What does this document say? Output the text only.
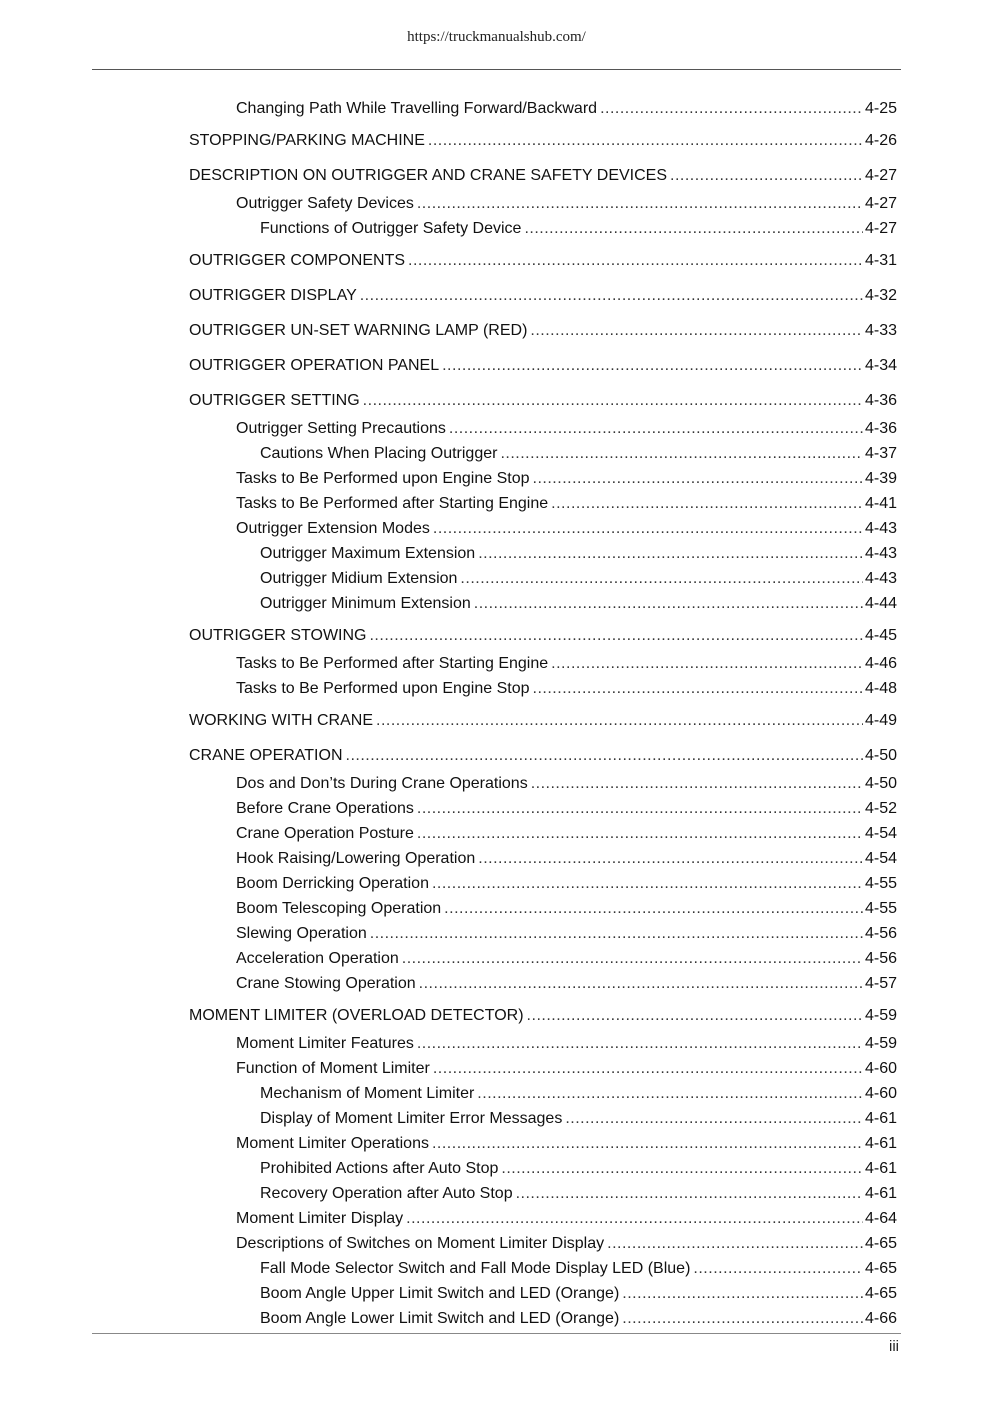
https://truckmanualshub.com/
Changing Path While Travelling Forward/Backward .....	4-25
STOPPING/PARKING MACHINE .....	4-26
DESCRIPTION ON OUTRIGGER AND CRANE SAFETY DEVICES .....	4-27
Outrigger Safety Devices .....	4-27
Functions of Outrigger Safety Device .....	4-27
OUTRIGGER COMPONENTS .....	4-31
OUTRIGGER DISPLAY .....	4-32
OUTRIGGER UN-SET WARNING LAMP (RED) .....	4-33
OUTRIGGER OPERATION PANEL .....	4-34
OUTRIGGER SETTING .....	4-36
Outrigger Setting Precautions .....	4-36
Cautions When Placing Outrigger .....	4-37
Tasks to Be Performed upon Engine Stop .....	4-39
Tasks to Be Performed after Starting Engine .....	4-41
Outrigger Extension Modes .....	4-43
Outrigger Maximum Extension .....	4-43
Outrigger Midium Extension .....	4-43
Outrigger Minimum Extension .....	4-44
OUTRIGGER STOWING .....	4-45
Tasks to Be Performed after Starting Engine .....	4-46
Tasks to Be Performed upon Engine Stop .....	4-48
WORKING WITH CRANE .....	4-49
CRANE OPERATION .....	4-50
Dos and Don’ts During Crane Operations .....	4-50
Before Crane Operations .....	4-52
Crane Operation Posture .....	4-54
Hook Raising/Lowering Operation .....	4-54
Boom Derricking Operation .....	4-55
Boom Telescoping Operation .....	4-55
Slewing Operation .....	4-56
Acceleration Operation .....	4-56
Crane Stowing Operation .....	4-57
MOMENT LIMITER (OVERLOAD DETECTOR) .....	4-59
Moment Limiter Features .....	4-59
Function of Moment Limiter .....	4-60
Mechanism of Moment Limiter .....	4-60
Display of Moment Limiter Error Messages .....	4-61
Moment Limiter Operations .....	4-61
Prohibited Actions after Auto Stop .....	4-61
Recovery Operation after Auto Stop .....	4-61
Moment Limiter Display .....	4-64
Descriptions of Switches on Moment Limiter Display .....	4-65
Fall Mode Selector Switch and Fall Mode Display LED (Blue) .....	4-65
Boom Angle Upper Limit Switch and LED (Orange) .....	4-65
Boom Angle Lower Limit Switch and LED (Orange) .....	4-66
iii
